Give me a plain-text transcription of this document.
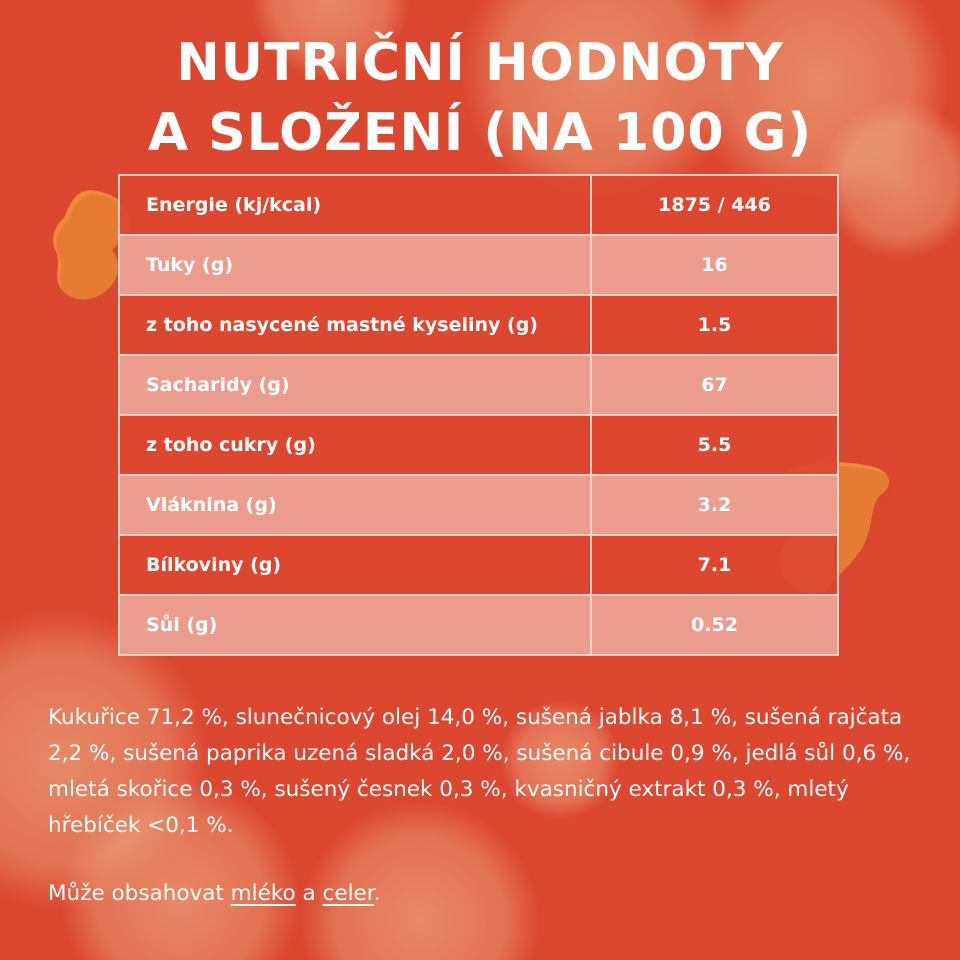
NUTRIČNÍ HODNOTY
A SLOŽENÍ (NA 100 G)
Energie (kj/kcal)	1875 / 446
Tuky (g)	16
z toho nasycené mastné kyseliny (g)	1.5
Sacharidy (g)	67
z toho cukry (g)	5.5
Vláknina (g)	3.2
Bílkoviny (g)	7.1
Sůl (g)	0.52

Kukuřice 71,2 %, slunečnicový olej 14,0 %, sušená jablka 8,1 %, sušená rajčata 2,2 %, sušená paprika uzená sladká 2,0 %, sušená cibule 0,9 %, jedlá sůl 0,6 %, mletá skořice 0,3 %, sušený česnek 0,3 %, kvasničný extrakt 0,3 %, mletý hřebíček <0,1 %.

Může obsahovat mléko a celer.
